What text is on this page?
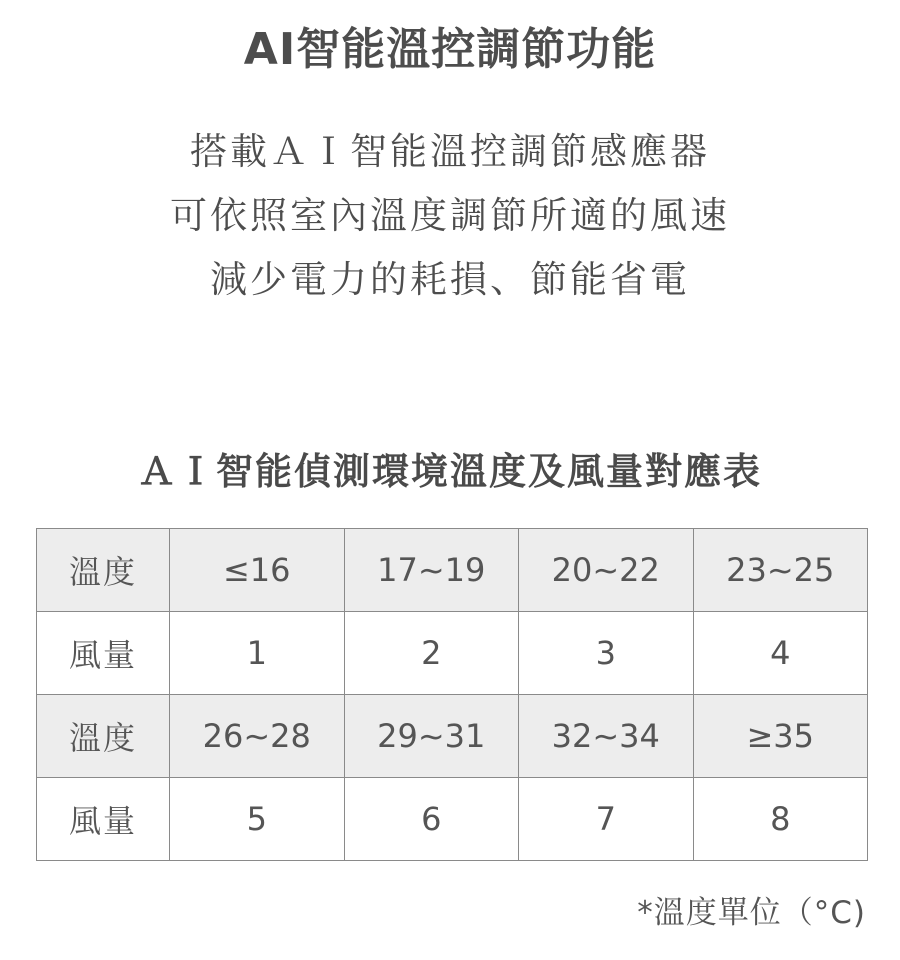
AI智能溫控調節功能
搭載ＡＩ智能溫控調節感應器
可依照室內溫度調節所適的風速
減少電力的耗損、節能省電
ＡＩ智能偵測環境溫度及風量對應表
溫度	≤16	17~19	20~22	23~25
風量	1	2	3	4
溫度	26~28	29~31	32~34	≥35
風量	5	6	7	8
*溫度單位（°C)
